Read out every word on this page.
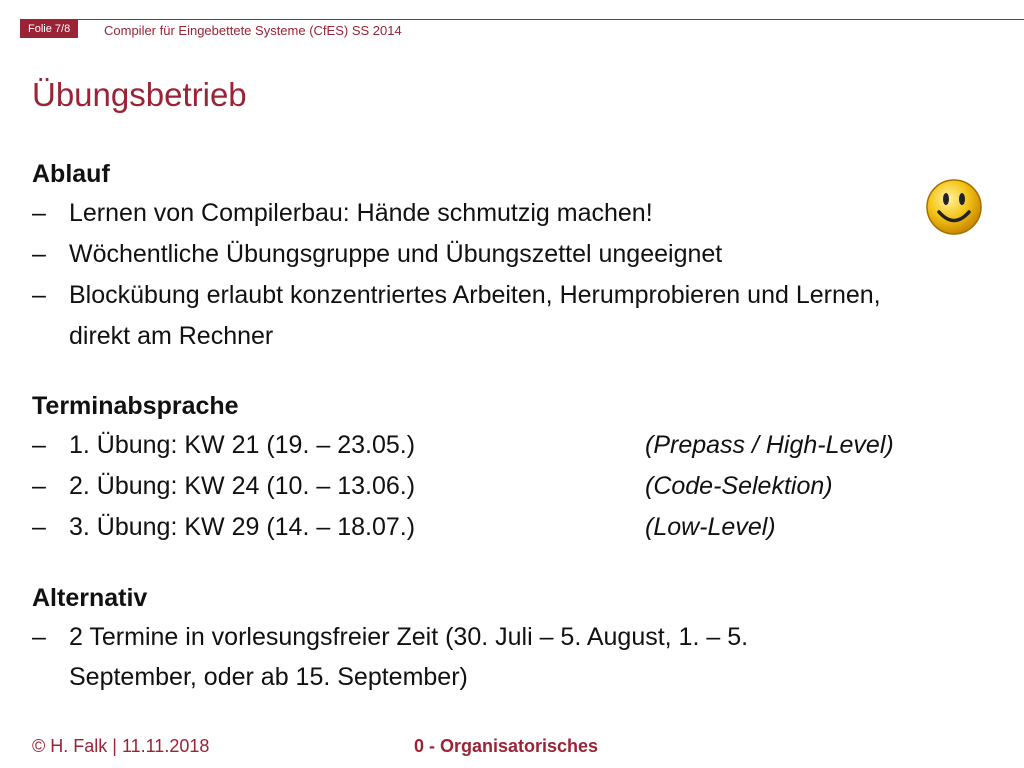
Folie 7/8	Compiler für Eingebettete Systeme (CfES) SS 2014
Übungsbetrieb
Ablauf
– Lernen von Compilerbau: Hände schmutzig machen!
– Wöchentliche Übungsgruppe und Übungszettel ungeeignet
– Blockübung erlaubt konzentriertes Arbeiten, Herumprobieren und Lernen,
direkt am Rechner
Terminabsprache
– 1. Übung: KW 21 (19. – 23.05.)	(Prepass / High-Level)
– 2. Übung: KW 24 (10. – 13.06.)	(Code-Selektion)
– 3. Übung: KW 29 (14. – 18.07.)	(Low-Level)
Alternativ
– 2 Termine in vorlesungsfreier Zeit (30. Juli – 5. August, 1. – 5.
September, oder ab 15. September)
© H. Falk | 11.11.2018	0 - Organisatorisches
